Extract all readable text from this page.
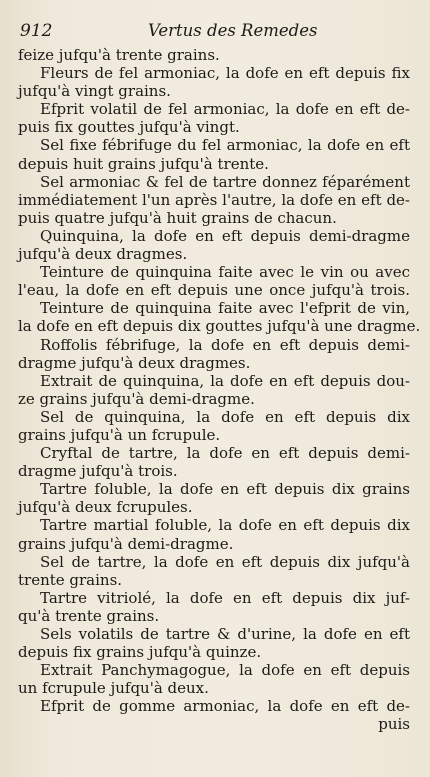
912	Vertus des Remedes
feize jufqu'à trente grains.
Fleurs de fel armoniac, la dofe en eft depuis fix
jufqu'à vingt grains.
Efprit volatil de fel armoniac, la dofe en eft de-
puis fix gouttes jufqu'à vingt.
Sel fixe fébrifuge du fel armoniac, la dofe en eft
depuis huit grains jufqu'à trente.
Sel armoniac & fel de tartre donnez féparément
immédiatement l'un après l'autre, la dofe en eft de-
puis quatre jufqu'à huit grains de chacun.
Quinquina, la dofe en eft depuis demi-dragme
jufqu'à deux dragmes.
Teinture de quinquina faite avec le vin ou avec
l'eau, la dofe en eft depuis une once jufqu'à trois.
Teinture de quinquina faite avec l'efprit de vin,
la dofe en eft depuis dix gouttes jufqu'à une dragme.
Roffolis fébrifuge, la dofe en eft depuis demi-
dragme jufqu'à deux dragmes.
Extrait de quinquina, la dofe en eft depuis dou-
ze grains jufqu'à demi-dragme.
Sel de quinquina, la dofe en eft depuis dix
grains jufqu'à un fcrupule.
Cryftal de tartre, la dofe en eft depuis demi-
dragme jufqu'à trois.
Tartre foluble, la dofe en eft depuis dix grains
jufqu'à deux fcrupules.
Tartre martial foluble, la dofe en eft depuis dix
grains jufqu'à demi-dragme.
Sel de tartre, la dofe en eft depuis dix jufqu'à
trente grains.
Tartre vitriolé, la dofe en eft depuis dix juf-
qu'à trente grains.
Sels volatils de tartre & d'urine, la dofe en eft
depuis fix grains jufqu'à quinze.
Extrait Panchymagogue, la dofe en eft depuis
un fcrupule jufqu'à deux.
Efprit de gomme armoniac, la dofe en eft de-
puis
